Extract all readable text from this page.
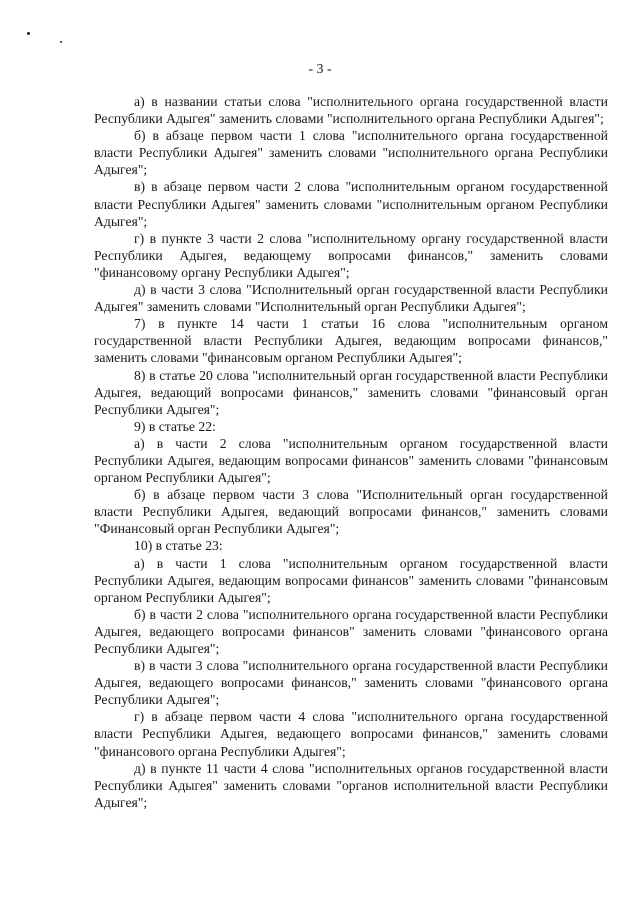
- 3 -

а) в названии статьи слова "исполнительного органа государственной власти Республики Адыгея" заменить словами "исполнительного органа Республики Адыгея";

б) в абзаце первом части 1 слова "исполнительного органа государственной власти Республики Адыгея" заменить словами "исполнительного органа Республики Адыгея";

в) в абзаце первом части 2 слова "исполнительным органом государственной власти Республики Адыгея" заменить словами "исполнительным органом Республики Адыгея";

г) в пункте 3 части 2 слова "исполнительному органу государственной власти Республики Адыгея, ведающему вопросами финансов," заменить словами "финансовому органу Республики Адыгея";

д) в части 3 слова "Исполнительный орган государственной власти Республики Адыгея" заменить словами "Исполнительный орган Республики Адыгея";

7) в пункте 14 части 1 статьи 16 слова "исполнительным органом государственной власти Республики Адыгея, ведающим вопросами финансов," заменить словами "финансовым органом Республики Адыгея";

8) в статье 20 слова "исполнительный орган государственной власти Республики Адыгея, ведающий вопросами финансов," заменить словами "финансовый орган Республики Адыгея";

9) в статье 22:

а) в части 2 слова "исполнительным органом государственной власти Республики Адыгея, ведающим вопросами финансов" заменить словами "финансовым органом Республики Адыгея";

б) в абзаце первом части 3 слова "Исполнительный орган государственной власти Республики Адыгея, ведающий вопросами финансов," заменить словами "Финансовый орган Республики Адыгея";

10) в статье 23:

а) в части 1 слова "исполнительным органом государственной власти Республики Адыгея, ведающим вопросами финансов" заменить словами "финансовым органом Республики Адыгея";

б) в части 2 слова "исполнительного органа государственной власти Республики Адыгея, ведающего вопросами финансов" заменить словами "финансового органа Республики Адыгея";

в) в части 3 слова "исполнительного органа государственной власти Республики Адыгея, ведающего вопросами финансов," заменить словами "финансового органа Республики Адыгея";

г) в абзаце первом части 4 слова "исполнительного органа государственной власти Республики Адыгея, ведающего вопросами финансов," заменить словами "финансового органа Республики Адыгея";

д) в пункте 11 части 4 слова "исполнительных органов государственной власти Республики Адыгея" заменить словами "органов исполнительной власти Республики Адыгея";
